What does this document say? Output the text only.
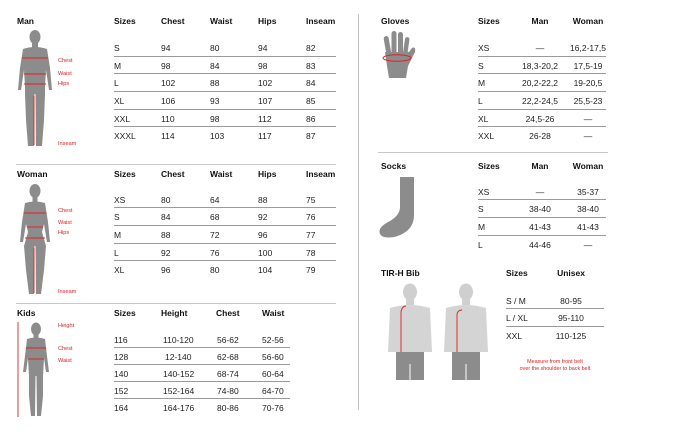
Man
Chest
Waist
Hips
Inseam
Sizes	Chest	Waist	Hips	Inseam
S	94	80	94	82
M	98	84	98	83
L	102	88	102	84
XL	106	93	107	85
XXL	110	98	112	86
XXXL	114	103	117	87
Woman
Chest
Waist
Hips
Inseam
Sizes	Chest	Waist	Hips	Inseam
XS	80	64	88	75
S	84	68	92	76
M	88	72	96	77
L	92	76	100	78
XL	96	80	104	79
Kids
Height
Chest
Waist
Sizes	Height	Chest	Waist
116	110-120	56-62	52-56
128	12-140	62-68	56-60
140	140-152	68-74	60-64
152	152-164	74-80	64-70
164	164-176	80-86	70-76
Gloves	Sizes	Man	Woman
XS	—	16,2-17,5
S	18,3-20,2	17,5-19
M	20,2-22,2	19-20,5
L	22,2-24,5	25,5-23
XL	24,5-26	—
XXL	26-28	—
Socks	Sizes	Man	Woman
XS	—	35-37
S	38-40	38-40
M	41-43	41-43
L	44-46	—
TIR-H Bib	Sizes	Unisex
S / M	80-95
L / XL	95-110
XXL	110-125
Measure from front belt
over the shoulder to back belt
